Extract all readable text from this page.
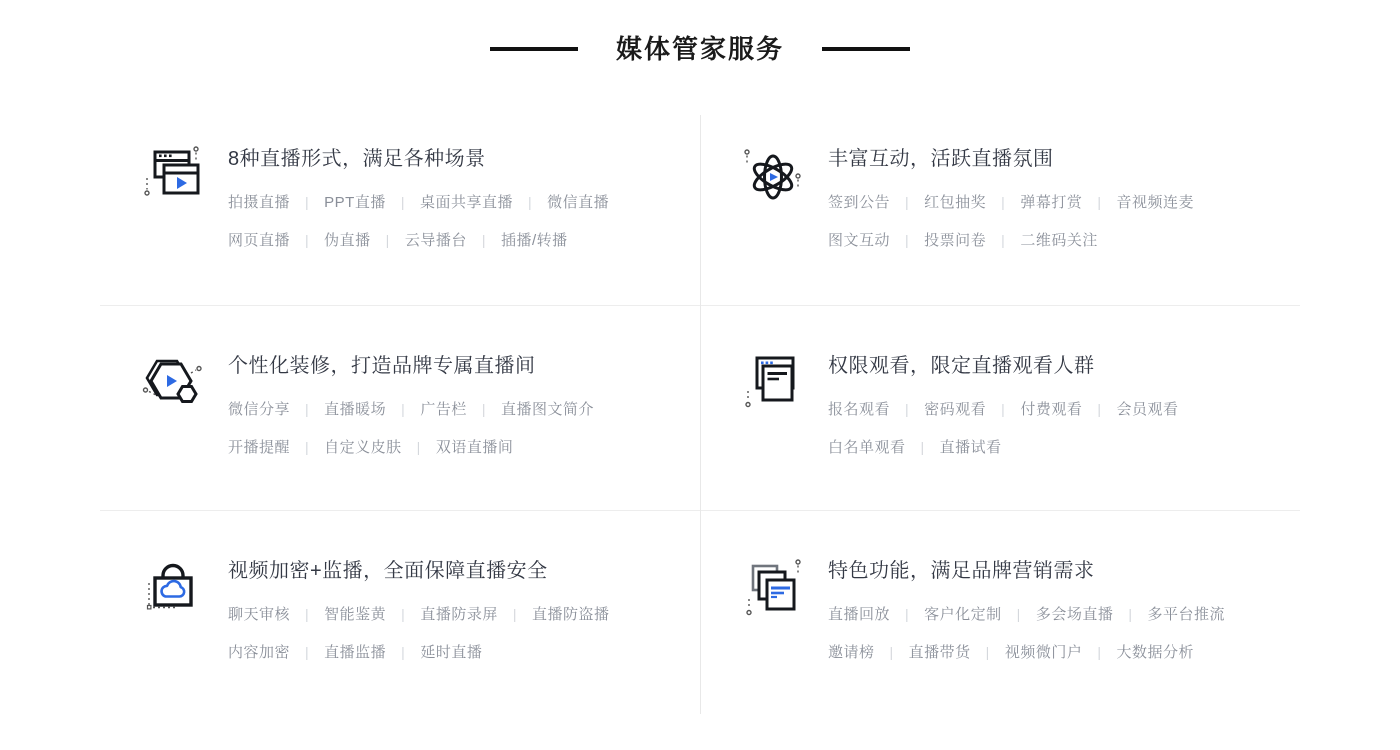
媒体管家服务
8种直播形式，满足各种场景
拍摄直播 | PPT直播 | 桌面共享直播 | 微信直播
网页直播 | 伪直播 | 云导播台 | 插播/转播
丰富互动，活跃直播氛围
签到公告 | 红包抽奖 | 弹幕打赏 | 音视频连麦
图文互动 | 投票问卷 | 二维码关注
个性化装修，打造品牌专属直播间
微信分享 | 直播暖场 | 广告栏 | 直播图文简介
开播提醒 | 自定义皮肤 | 双语直播间
权限观看，限定直播观看人群
报名观看 | 密码观看 | 付费观看 | 会员观看
白名单观看 | 直播试看
视频加密+监播，全面保障直播安全
聊天审核 | 智能鉴黄 | 直播防录屏 | 直播防盗播
内容加密 | 直播监播 | 延时直播
特色功能，满足品牌营销需求
直播回放 | 客户化定制 | 多会场直播 | 多平台推流
邀请榜 | 直播带货 | 视频微门户 | 大数据分析
